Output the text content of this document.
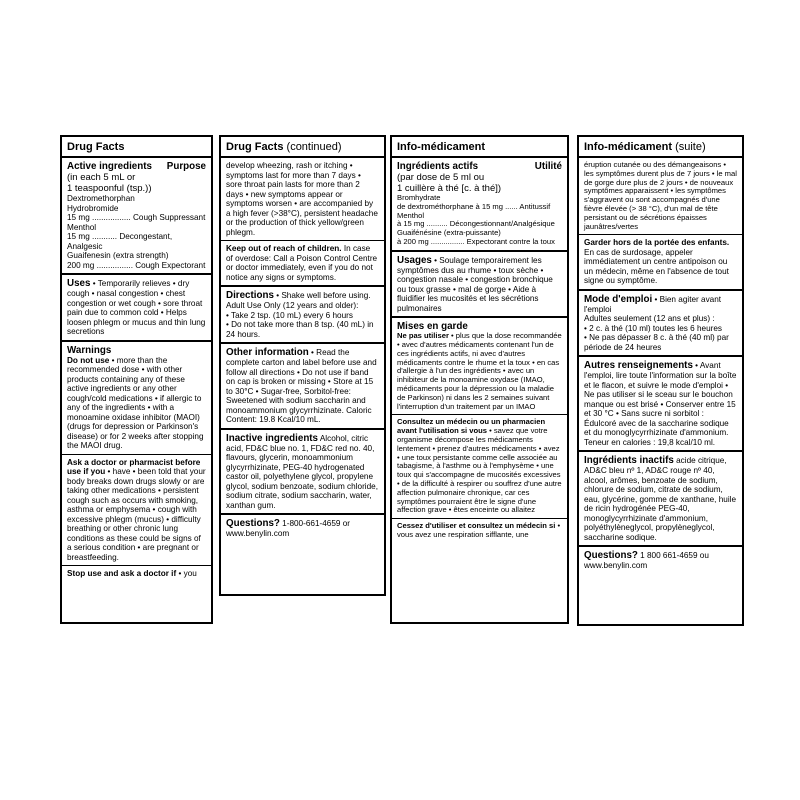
Drug Facts
Active ingredients Purpose
(in each 5 mL or
1 teaspoonful (tsp.))
Dextromethorphan
Hydrobromide
15 mg ................. Cough Suppressant
Menthol
15 mg ........... Decongestant, Analgesic
Guaifenesin (extra strength)
200 mg ................ Cough Expectorant
Uses • Temporarily relieves • dry cough • nasal congestion • chest congestion or wet cough • sore throat pain due to common cold • Helps loosen phlegm or mucus and thin lung secretions
Warnings
Do not use • more than the recommended dose • with other products containing any of these active ingredients or any other cough/cold medications • if allergic to any of the ingredients • with a monoamine oxidase inhibitor (MAOI) (drugs for depression or Parkinson's disease) or for 2 weeks after stopping the MAOI drug.
Ask a doctor or pharmacist before use if you • have • been told that your body breaks down drugs slowly or are taking other medications • persistent cough such as occurs with smoking, asthma or emphysema • cough with excessive phlegm (mucus) • difficulty breathing or other chronic lung conditions as these could be signs of a serious condition • are pregnant or breastfeeding.
Stop use and ask a doctor if • you
Drug Facts (continued)
develop wheezing, rash or itching • symptoms last for more than 7 days • sore throat pain lasts for more than 2 days • new symptoms appear or symptoms worsen • are accompanied by a high fever (>38°C), persistent headache or the production of thick yellow/green phlegm.
Keep out of reach of children. In case of overdose: Call a Poison Control Centre or doctor immediately, even if you do not notice any signs or symptoms.
Directions • Shake well before using.
Adult Use Only (12 years and older):
• Take 2 tsp. (10 mL) every 6 hours
• Do not take more than 8 tsp. (40 mL) in 24 hours.
Other information • Read the complete carton and label before use and follow all directions • Do not use if band on cap is broken or missing • Store at 15 to 30°C • Sugar-free, Sorbitol-free: Sweetened with sodium saccharin and monoammonium glycyrrhizinate. Caloric Content: 19.8 Kcal/10 mL.
Inactive ingredients Alcohol, citric acid, FD&C blue no. 1, FD&C red no. 40, flavours, glycerin, monoammonium glycyrrhizinate, PEG-40 hydrogenated castor oil, polyethylene glycol, propylene glycol, sodium benzoate, sodium chloride, sodium citrate, sodium saccharin, water, xanthan gum.
Questions? 1-800-661-4659 or www.benylin.com
Info-médicament
Ingrédients actifs	Utilité
(par dose de 5 ml ou
1 cuillère à thé [c. à thé])
Bromhydrate
de dextrométhorphane à 15 mg ...... Antitussif
Menthol
à 15 mg .......... Décongestionnant/Analgésique
Guaifénésine (extra-puissante)
à 200 mg ................ Expectorant contre la toux
Usages • Soulage temporairement les symptômes dus au rhume • toux sèche • congestion nasale • congestion bronchique ou toux grasse • mal de gorge • Aide à fluidifier les mucosités et les sécrétions pulmonaires
Mises en garde
Ne pas utiliser • plus que la dose recommandée • avec d'autres médicaments contenant l'un de ces ingrédients actifs, ni avec d'autres médicaments contre le rhume et la toux • en cas d'allergie à l'un des ingrédients • avec un inhibiteur de la monoamine oxydase (IMAO, médicaments pour la dépression ou la maladie de Parkinson) ni dans les 2 semaines suivant l'interruption d'un traitement par un IMAO
Consultez un médecin ou un pharmacien avant l'utilisation si vous • savez que votre organisme décompose les médicaments lentement • prenez d'autres médicaments • avez • une toux persistante comme celle associée au tabagisme, à l'asthme ou à l'emphysème • une toux qui s'accompagne de mucosités excessives • de la difficulté à respirer ou souffrez d'une autre affection pulmonaire chronique, car ces symptômes pourraient être le signe d'une affection grave • êtes enceinte ou allaitez
Cessez d'utiliser et consultez un médecin si • vous avez une respiration sifflante, une
Info-médicament (suite)
éruption cutanée ou des démangeaisons • les symptômes durent plus de 7 jours • le mal de gorge dure plus de 2 jours • de nouveaux symptômes apparaissent • les symptômes s'aggravent ou sont accompagnés d'une fièvre élevée (> 38 °C), d'un mal de tête persistant ou de sécrétions épaisses jaunâtres/vertes
Garder hors de la portée des enfants. En cas de surdosage, appeler immédiatement un centre antipoison ou un médecin, même en l'absence de tout signe ou symptôme.
Mode d'emploi • Bien agiter avant l'emploi
Adultes seulement (12 ans et plus) :
• 2 c. à thé (10 ml) toutes les 6 heures
• Ne pas dépasser 8 c. à thé (40 ml) par période de 24 heures
Autres renseignements • Avant l'emploi, lire toute l'information sur la boîte et le flacon, et suivre le mode d'emploi • Ne pas utiliser si le sceau sur le bouchon manque ou est brisé • Conserver entre 15 et 30 °C • Sans sucre ni sorbitol : Édulcoré avec de la saccharine sodique et du monoglycyrrhizinate d'ammonium. Teneur en calories : 19,8 kcal/10 ml.
Ingrédients inactifs acide citrique, AD&C bleu nº 1, AD&C rouge nº 40, alcool, arômes, benzoate de sodium, chlorure de sodium, citrate de sodium, eau, glycérine, gomme de xanthane, huile de ricin hydrogénée PEG-40, monoglycyrrhizinate d'ammonium, polyéthylèneglycol, propylèneglycol, saccharine sodique.
Questions? 1 800 661-4659 ou www.benylin.com
